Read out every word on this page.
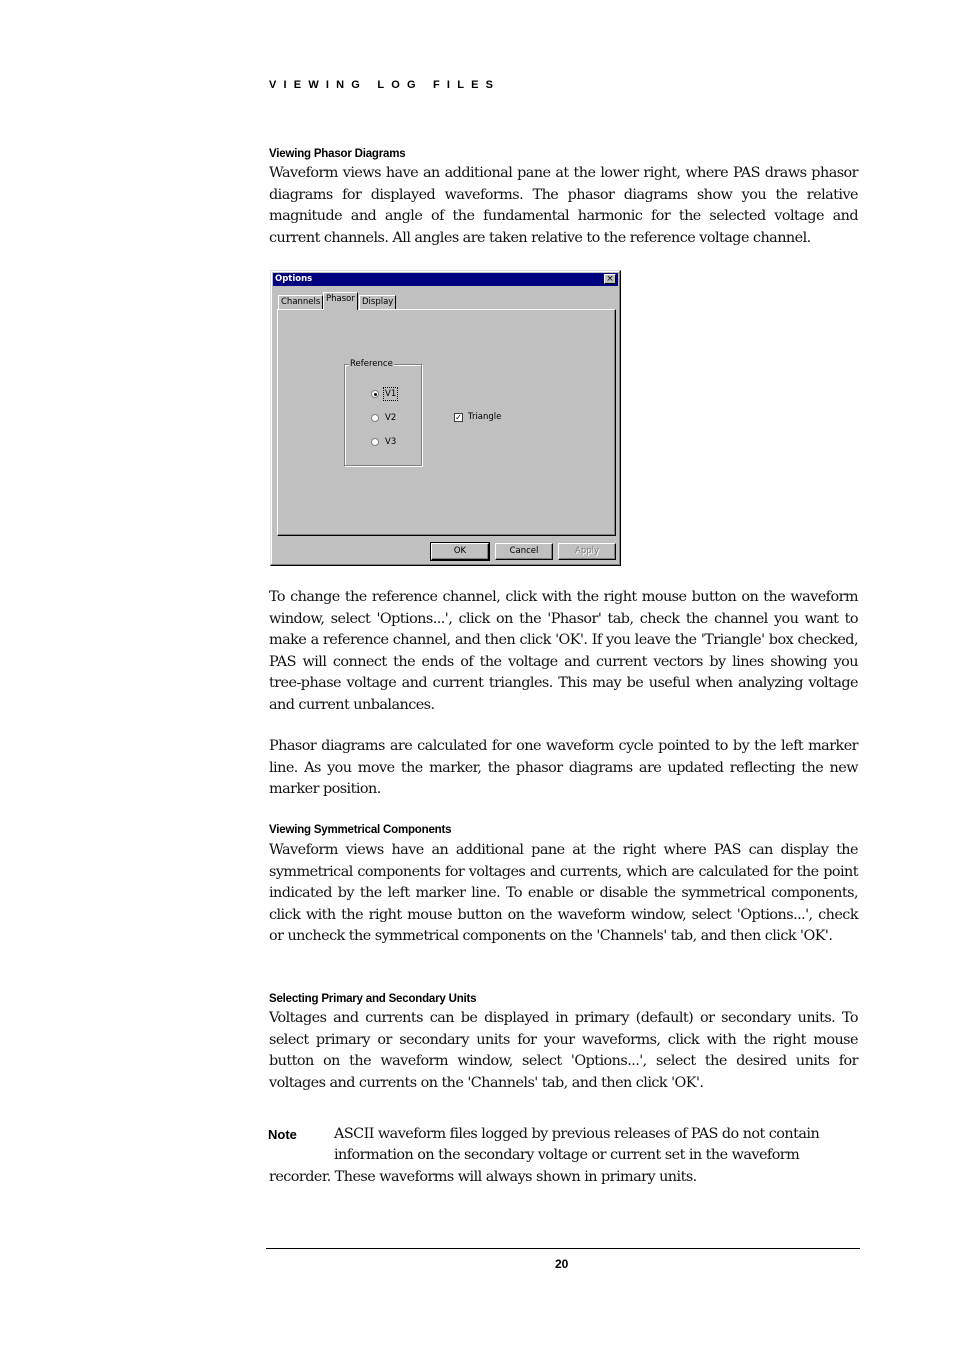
VIEWING LOG FILES
Viewing Phasor Diagrams
Waveform views have an additional pane at the lower right, where PAS draws phasor diagrams for displayed waveforms. The phasor diagrams show you the relative magnitude and angle of the fundamental harmonic for the selected voltage and current channels. All angles are taken relative to the reference voltage channel.
Options	×
Channels Phasor Display
Reference
V1
V2
V3
✓ Triangle
OK	Cancel	Apply
To change the reference channel, click with the right mouse button on the waveform window, select 'Options...', click on the 'Phasor' tab, check the channel you want to make a reference channel, and then click 'OK'. If you leave the 'Triangle' box checked, PAS will connect the ends of the voltage and current vectors by lines showing you tree-phase voltage and current triangles. This may be useful when analyzing voltage and current unbalances.
Phasor diagrams are calculated for one waveform cycle pointed to by the left marker line. As you move the marker, the phasor diagrams are updated reflecting the new marker position.
Viewing Symmetrical Components
Waveform views have an additional pane at the right where PAS can display the symmetrical components for voltages and currents, which are calculated for the point indicated by the left marker line. To enable or disable the symmetrical components, click with the right mouse button on the waveform window, select 'Options...', check or uncheck the symmetrical components on the 'Channels' tab, and then click 'OK'.
Selecting Primary and Secondary Units
Voltages and currents can be displayed in primary (default) or secondary units. To select primary or secondary units for your waveforms, click with the right mouse button on the waveform window, select 'Options...', select the desired units for voltages and currents on the 'Channels' tab, and then click 'OK'.
Note	ASCII waveform files logged by previous releases of PAS do not contain
information on the secondary voltage or current set in the waveform
recorder. These waveforms will always shown in primary units.
20
